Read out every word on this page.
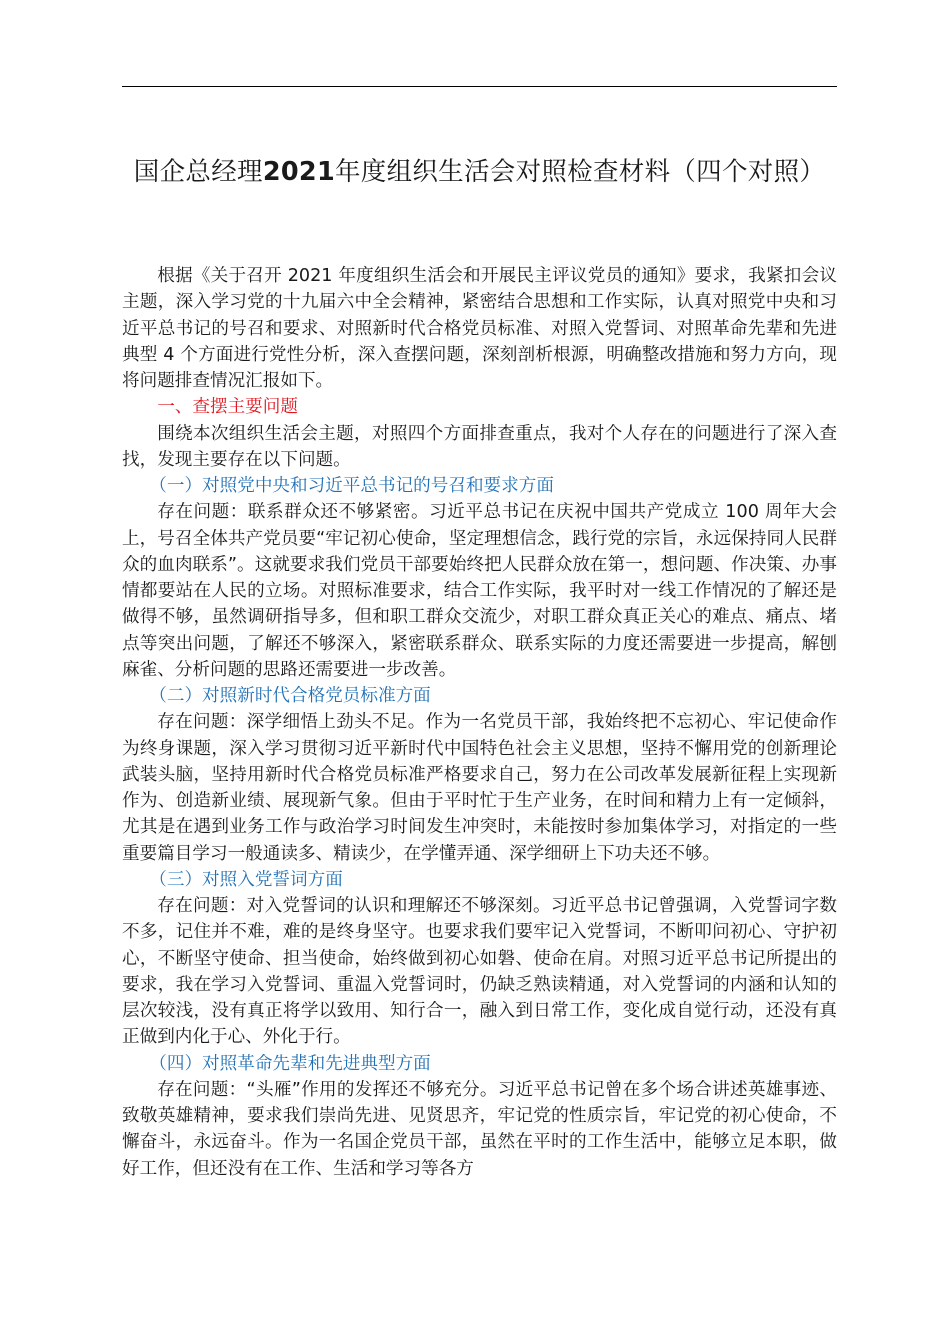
国企总经理2021年度组织生活会对照检查材料（四个对照）

根据《关于召开 2021 年度组织生活会和开展民主评议党员的通知》要求，我紧扣会议主题，深入学习党的十九届六中全会精神，紧密结合思想和工作实际，认真对照党中央和习近平总书记的号召和要求、对照新时代合格党员标准、对照入党誓词、对照革命先辈和先进典型 4 个方面进行党性分析，深入查摆问题，深刻剖析根源，明确整改措施和努力方向，现将问题排查情况汇报如下。

一、查摆主要问题

围绕本次组织生活会主题，对照四个方面排查重点，我对个人存在的问题进行了深入查找，发现主要存在以下问题。

（一）对照党中央和习近平总书记的号召和要求方面

存在问题：联系群众还不够紧密。习近平总书记在庆祝中国共产党成立 100 周年大会上，号召全体共产党员要“牢记初心使命，坚定理想信念，践行党的宗旨，永远保持同人民群众的血肉联系”。这就要求我们党员干部要始终把人民群众放在第一，想问题、作决策、办事情都要站在人民的立场。对照标准要求，结合工作实际，我平时对一线工作情况的了解还是做得不够，虽然调研指导多，但和职工群众交流少，对职工群众真正关心的难点、痛点、堵点等突出问题，了解还不够深入，紧密联系群众、联系实际的力度还需要进一步提高，解刨麻雀、分析问题的思路还需要进一步改善。

（二）对照新时代合格党员标准方面

存在问题：深学细悟上劲头不足。作为一名党员干部，我始终把不忘初心、牢记使命作为终身课题，深入学习贯彻习近平新时代中国特色社会主义思想，坚持不懈用党的创新理论武装头脑，坚持用新时代合格党员标准严格要求自己，努力在公司改革发展新征程上实现新作为、创造新业绩、展现新气象。但由于平时忙于生产业务，在时间和精力上有一定倾斜，尤其是在遇到业务工作与政治学习时间发生冲突时，未能按时参加集体学习，对指定的一些重要篇目学习一般通读多、精读少，在学懂弄通、深学细研上下功夫还不够。

（三）对照入党誓词方面

存在问题：对入党誓词的认识和理解还不够深刻。习近平总书记曾强调，入党誓词字数不多，记住并不难，难的是终身坚守。也要求我们要牢记入党誓词，不断叩问初心、守护初心，不断坚守使命、担当使命，始终做到初心如磐、使命在肩。对照习近平总书记所提出的要求，我在学习入党誓词、重温入党誓词时，仍缺乏熟读精通，对入党誓词的内涵和认知的层次较浅，没有真正将学以致用、知行合一，融入到日常工作，变化成自觉行动，还没有真正做到内化于心、外化于行。

（四）对照革命先辈和先进典型方面

存在问题：“头雁”作用的发挥还不够充分。习近平总书记曾在多个场合讲述英雄事迹、致敬英雄精神，要求我们崇尚先进、见贤思齐，牢记党的性质宗旨，牢记党的初心使命，不懈奋斗，永远奋斗。作为一名国企党员干部，虽然在平时的工作生活中，能够立足本职，做好工作，但还没有在工作、生活和学习等各方
